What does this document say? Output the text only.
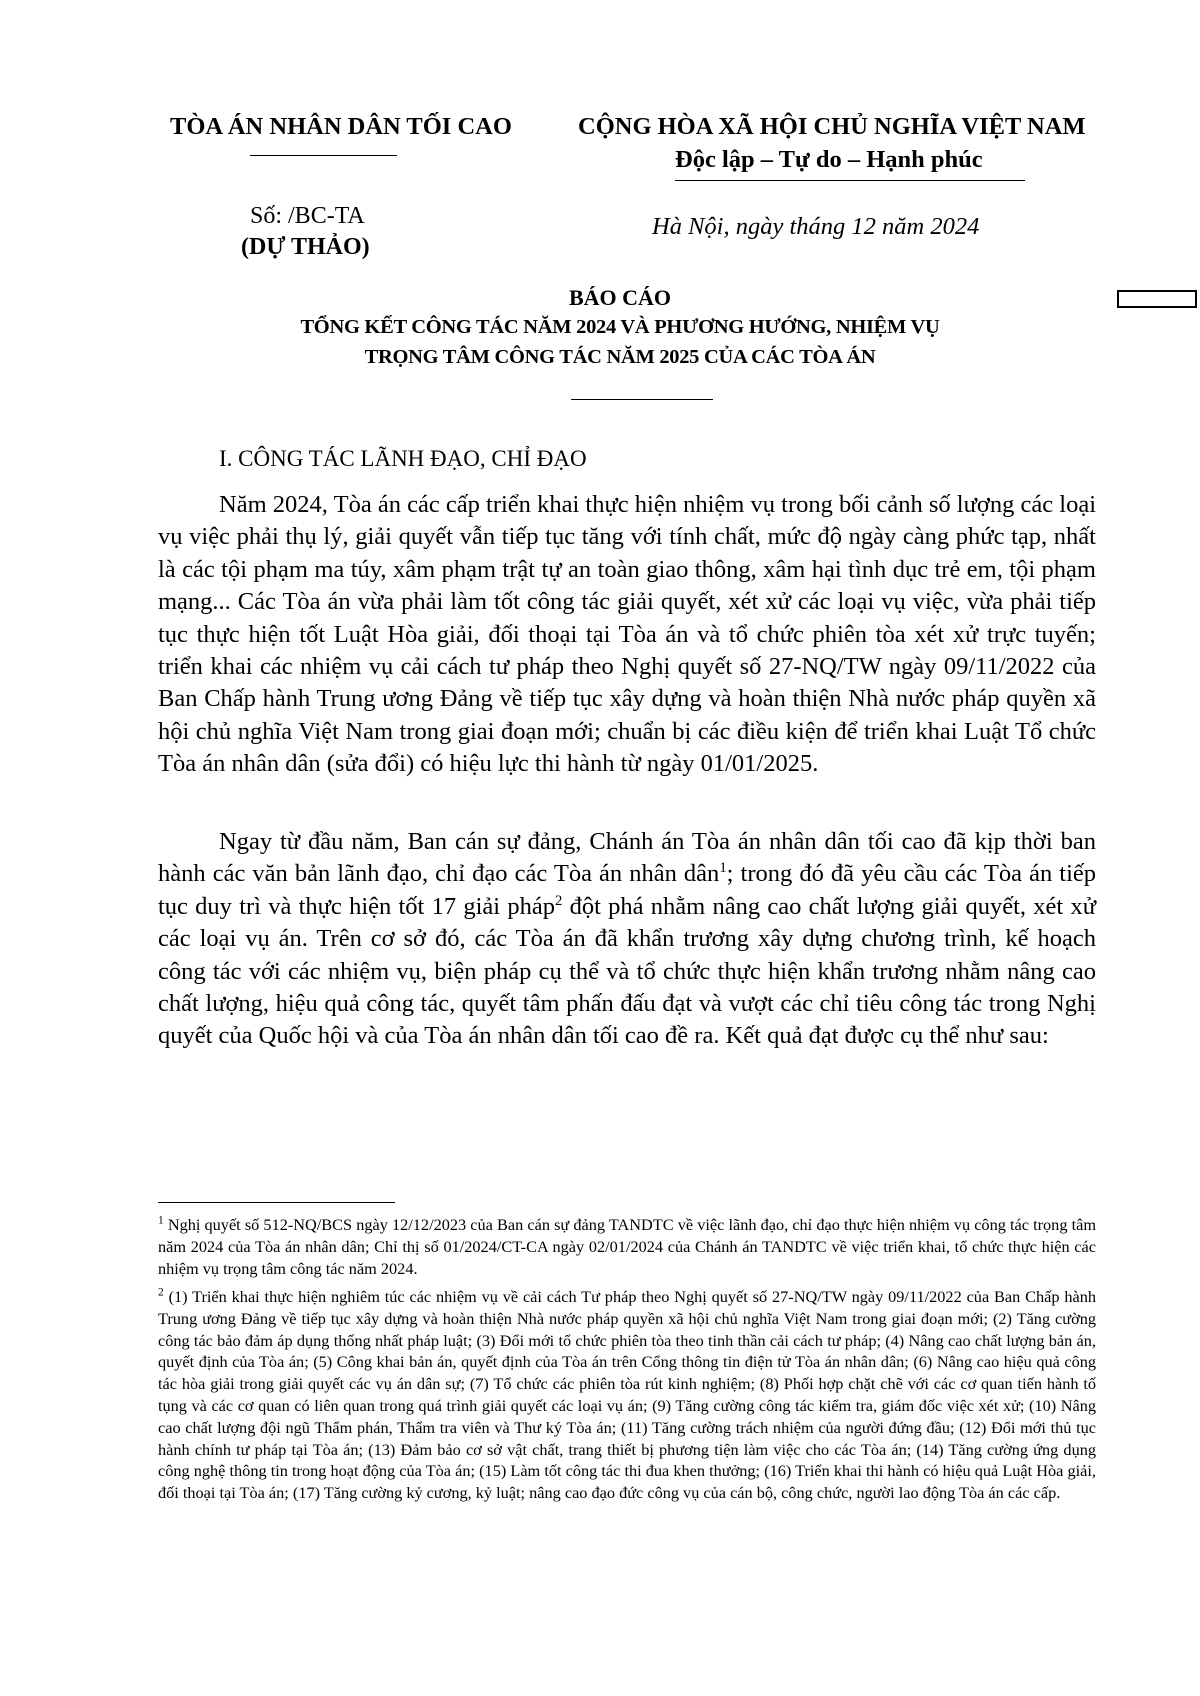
TÒA ÁN NHÂN DÂN TỐI CAO	CỘNG HÒA XÃ HỘI CHỦ NGHĨA VIỆT NAM
Độc lập – Tự do – Hạnh phúc
Số: /BC-TA
(DỰ THẢO)
Hà Nội, ngày tháng 12 năm 2024
BÁO CÁO
TỔNG KẾT CÔNG TÁC NĂM 2024 VÀ PHƯƠNG HƯỚNG, NHIỆM VỤ
TRỌNG TÂM CÔNG TÁC NĂM 2025 CỦA CÁC TÒA ÁN
I. CÔNG TÁC LÃNH ĐẠO, CHỈ ĐẠO
Năm 2024, Tòa án các cấp triển khai thực hiện nhiệm vụ trong bối cảnh số lượng các loại vụ việc phải thụ lý, giải quyết vẫn tiếp tục tăng với tính chất, mức độ ngày càng phức tạp, nhất là các tội phạm ma túy, xâm phạm trật tự an toàn giao thông, xâm hại tình dục trẻ em, tội phạm mạng... Các Tòa án vừa phải làm tốt công tác giải quyết, xét xử các loại vụ việc, vừa phải tiếp tục thực hiện tốt Luật Hòa giải, đối thoại tại Tòa án và tổ chức phiên tòa xét xử trực tuyến; triển khai các nhiệm vụ cải cách tư pháp theo Nghị quyết số 27-NQ/TW ngày 09/11/2022 của Ban Chấp hành Trung ương Đảng về tiếp tục xây dựng và hoàn thiện Nhà nước pháp quyền xã hội chủ nghĩa Việt Nam trong giai đoạn mới; chuẩn bị các điều kiện để triển khai Luật Tổ chức Tòa án nhân dân (sửa đổi) có hiệu lực thi hành từ ngày 01/01/2025.
Ngay từ đầu năm, Ban cán sự đảng, Chánh án Tòa án nhân dân tối cao đã kịp thời ban hành các văn bản lãnh đạo, chỉ đạo các Tòa án nhân dân$^1$; trong đó đã yêu cầu các Tòa án tiếp tục duy trì và thực hiện tốt 17 giải pháp$^2$ đột phá nhằm nâng cao chất lượng giải quyết, xét xử các loại vụ án. Trên cơ sở đó, các Tòa án đã khẩn trương xây dựng chương trình, kế hoạch công tác với các nhiệm vụ, biện pháp cụ thể và tổ chức thực hiện khẩn trương nhằm nâng cao chất lượng, hiệu quả công tác, quyết tâm phấn đấu đạt và vượt các chỉ tiêu công tác trong Nghị quyết của Quốc hội và của Tòa án nhân dân tối cao đề ra. Kết quả đạt được cụ thể như sau:
$^1$ Nghị quyết số 512-NQ/BCS ngày 12/12/2023 của Ban cán sự đảng TANDTC về việc lãnh đạo, chỉ đạo thực hiện nhiệm vụ công tác trọng tâm năm 2024 của Tòa án nhân dân; Chỉ thị số 01/2024/CT-CA ngày 02/01/2024 của Chánh án TANDTC về việc triển khai, tổ chức thực hiện các nhiệm vụ trọng tâm công tác năm 2024.
$^2$ (1) Triển khai thực hiện nghiêm túc các nhiệm vụ về cải cách Tư pháp theo Nghị quyết số 27-NQ/TW ngày 09/11/2022 của Ban Chấp hành Trung ương Đảng về tiếp tục xây dựng và hoàn thiện Nhà nước pháp quyền xã hội chủ nghĩa Việt Nam trong giai đoạn mới; (2) Tăng cường công tác bảo đảm áp dụng thống nhất pháp luật; (3) Đổi mới tổ chức phiên tòa theo tinh thần cải cách tư pháp; (4) Nâng cao chất lượng bản án, quyết định của Tòa án; (5) Công khai bản án, quyết định của Tòa án trên Cổng thông tin điện tử Tòa án nhân dân; (6) Nâng cao hiệu quả công tác hòa giải trong giải quyết các vụ án dân sự; (7) Tổ chức các phiên tòa rút kinh nghiệm; (8) Phối hợp chặt chẽ với các cơ quan tiến hành tố tụng và các cơ quan có liên quan trong quá trình giải quyết các loại vụ án; (9) Tăng cường công tác kiểm tra, giám đốc việc xét xử; (10) Nâng cao chất lượng đội ngũ Thẩm phán, Thẩm tra viên và Thư ký Tòa án; (11) Tăng cường trách nhiệm của người đứng đầu; (12) Đổi mới thủ tục hành chính tư pháp tại Tòa án; (13) Đảm bảo cơ sở vật chất, trang thiết bị phương tiện làm việc cho các Tòa án; (14) Tăng cường ứng dụng công nghệ thông tin trong hoạt động của Tòa án; (15) Làm tốt công tác thi đua khen thưởng; (16) Triển khai thi hành có hiệu quả Luật Hòa giải, đối thoại tại Tòa án; (17) Tăng cường kỷ cương, kỷ luật; nâng cao đạo đức công vụ của cán bộ, công chức, người lao động Tòa án các cấp.
